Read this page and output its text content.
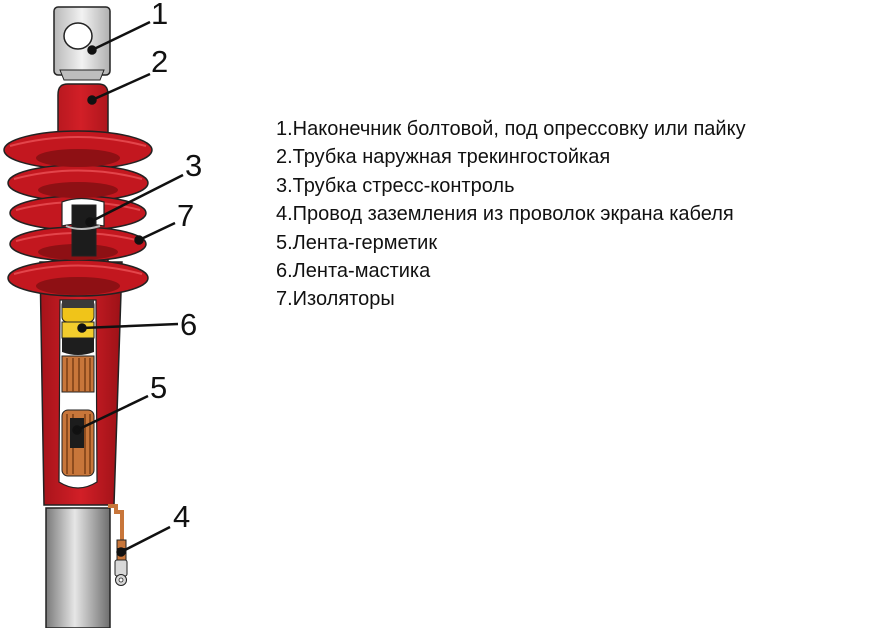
1
2
3
4
5
6
7
1.Наконечник болтовой, под опрессовку или пайку
2.Трубка наружная трекингостойкая
3.Трубка стресс-контроль
4.Провод заземления из проволок экрана кабеля
5.Лента-герметик
6.Лента-мастика
7.Изоляторы
